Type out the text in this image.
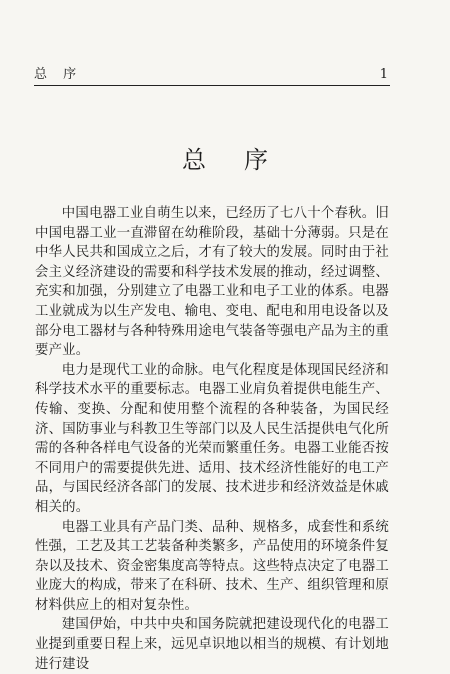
总 序	1
总序

中国电器工业自萌生以来，已经历了七八十个春秋。旧中国电器工业一直滞留在幼稚阶段，基础十分薄弱。只是在中华人民共和国成立之后，才有了较大的发展。同时由于社会主义经济建设的需要和科学技术发展的推动，经过调整、充实和加强，分别建立了电器工业和电子工业的体系。电器工业就成为以生产发电、输电、变电、配电和用电设备以及部分电工器材与各种特殊用途电气装备等强电产品为主的重要产业。

电力是现代工业的命脉。电气化程度是体现国民经济和科学技术水平的重要标志。电器工业肩负着提供电能生产、传输、变换、分配和使用整个流程的各种装备，为国民经济、国防事业与科教卫生等部门以及人民生活提供电气化所需的各种各样电气设备的光荣而繁重任务。电器工业能否按不同用户的需要提供先进、适用、技术经济性能好的电工产品，与国民经济各部门的发展、技术进步和经济效益是休戚相关的。

电器工业具有产品门类、品种、规格多，成套性和系统性强，工艺及其工艺装备种类繁多，产品使用的环境条件复杂以及技术、资金密集度高等特点。这些特点决定了电器工业庞大的构成，带来了在科研、技术、生产、组织管理和原材料供应上的相对复杂性。

建国伊始，中共中央和国务院就把建设现代化的电器工业提到重要日程上来，远见卓识地以相当的规模、有计划地进行建设
